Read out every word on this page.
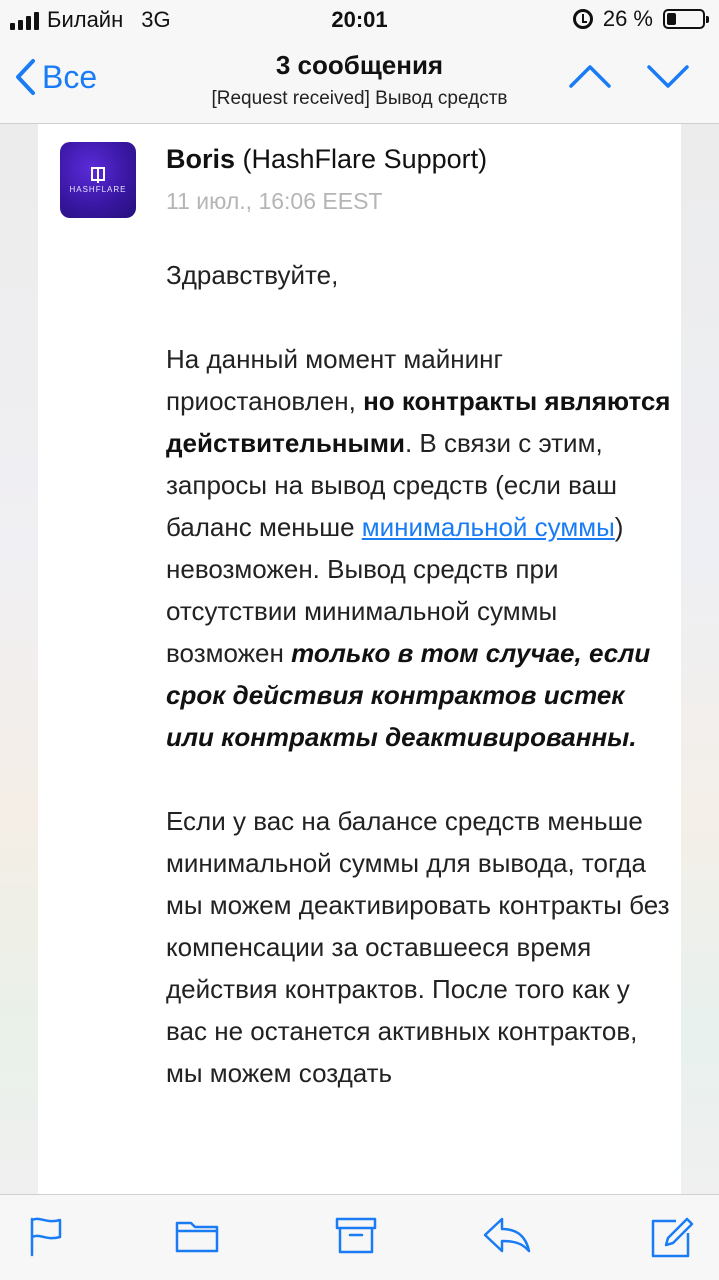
Билайн 3G	20:01	26 %
Все	3 сообщения
[Request received] Вывод средств
HASHFLARE
Boris (HashFlare Support)
11 июл., 16:06 EEST

Здравствуйте,

На данный момент майнинг приостановлен, но контракты являются действительными. В связи с этим, запросы на вывод средств (если ваш баланс меньше минимальной суммы) невозможен. Вывод средств при отсутствии минимальной суммы возможен только в том случае, если срок действия контрактов истек или контракты деактивированны.

Если у вас на балансе средств меньше минимальной суммы для вывода, тогда мы можем деактивировать контракты без компенсации за оставшееся время действия контрактов. После того как у вас не останется активных контрактов, мы можем создать
